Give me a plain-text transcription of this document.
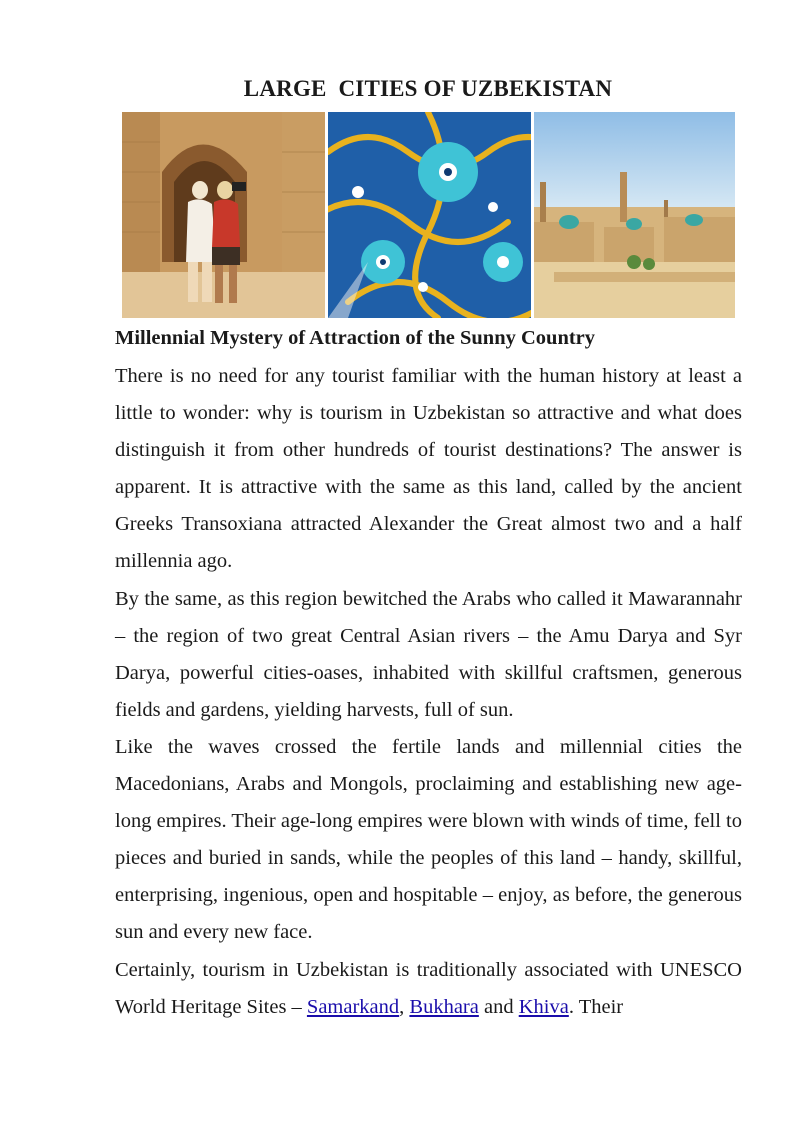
LARGE  CITIES OF UZBEKISTAN
Millennial Mystery of Attraction of the Sunny Country

There is no need for any tourist familiar with the human history at least a little to wonder: why is tourism in Uzbekistan so attractive and what does distinguish it from other hundreds of tourist destinations? The answer is apparent. It is attractive with the same as this land, called by the ancient Greeks Transoxiana attracted Alexander the Great almost two and a half millennia ago.

By the same, as this region bewitched the Arabs who called it Mawarannahr – the region of two great Central Asian rivers – the Amu Darya and Syr Darya, powerful cities-oases, inhabited with skillful craftsmen, generous fields and gardens, yielding harvests, full of sun.

Like the waves crossed the fertile lands and millennial cities the Macedonians, Arabs and Mongols, proclaiming and establishing new age-long empires. Their age-long empires were blown with winds of time, fell to pieces and buried in sands, while the peoples of this land – handy, skillful, enterprising, ingenious, open and hospitable – enjoy, as before, the generous sun and every new face.

Certainly, tourism in Uzbekistan is traditionally associated with UNESCO World Heritage Sites – Samarkand, Bukhara and Khiva. Their
